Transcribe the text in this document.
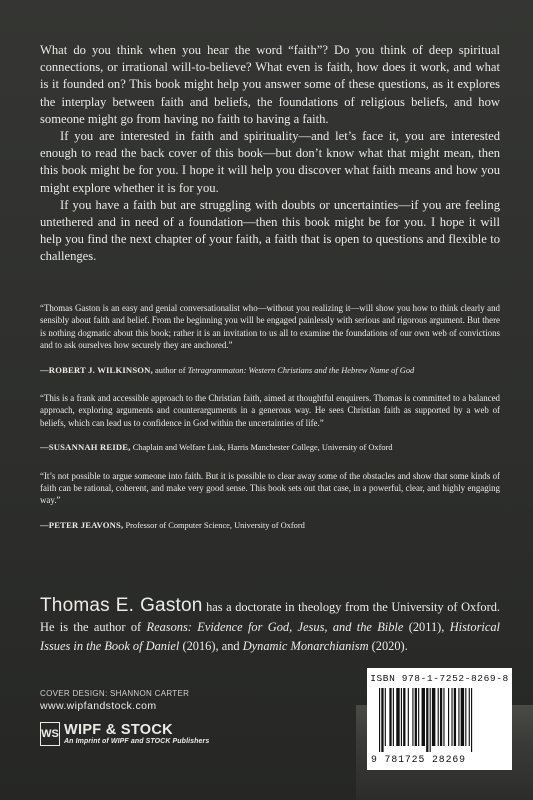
What do you think when you hear the word “faith”? Do you think of deep spiritual connections, or irrational will-to-believe? What even is faith, how does it work, and what is it founded on? This book might help you answer some of these questions, as it explores the interplay between faith and beliefs, the foundations of religious beliefs, and how someone might go from having no faith to having a faith.

If you are interested in faith and spirituality—and let’s face it, you are interested enough to read the back cover of this book—but don’t know what that might mean, then this book might be for you. I hope it will help you discover what faith means and how you might explore whether it is for you.

If you have a faith but are struggling with doubts or uncertainties—if you are feeling untethered and in need of a foundation—then this book might be for you. I hope it will help you find the next chapter of your faith, a faith that is open to questions and flexible to challenges.

“Thomas Gaston is an easy and genial conversationalist who—without you realizing it—will show you how to think clearly and sensibly about faith and belief. From the beginning you will be engaged painlessly with serious and rigorous argument. But there is nothing dogmatic about this book; rather it is an invitation to us all to examine the foundations of our own web of convictions and to ask ourselves how securely they are anchored.”

—ROBERT J. WILKINSON, author of Tetragrammaton: Western Christians and the Hebrew Name of God

“This is a frank and accessible approach to the Christian faith, aimed at thoughtful enquirers. Thomas is committed to a balanced approach, exploring arguments and counterarguments in a generous way. He sees Christian faith as supported by a web of beliefs, which can lead us to confidence in God within the uncertainties of life.”

—SUSANNAH REIDE, Chaplain and Welfare Link, Harris Manchester College, University of Oxford

“It’s not possible to argue someone into faith. But it is possible to clear away some of the obstacles and show that some kinds of faith can be rational, coherent, and make very good sense. This book sets out that case, in a powerful, clear, and highly engaging way.”

—PETER JEAVONS, Professor of Computer Science, University of Oxford

Thomas E. Gaston has a doctorate in theology from the University of Oxford. He is the author of Reasons: Evidence for God, Jesus, and the Bible (2011), Historical Issues in the Book of Daniel (2016), and Dynamic Monarchianism (2020).
COVER DESIGN: SHANNON CARTER
www.wipfandstock.com
WS WIPF & STOCK
An Imprint of WIPF and STOCK Publishers
ISBN 978-1-7252-8269-8
9 781725 28269
